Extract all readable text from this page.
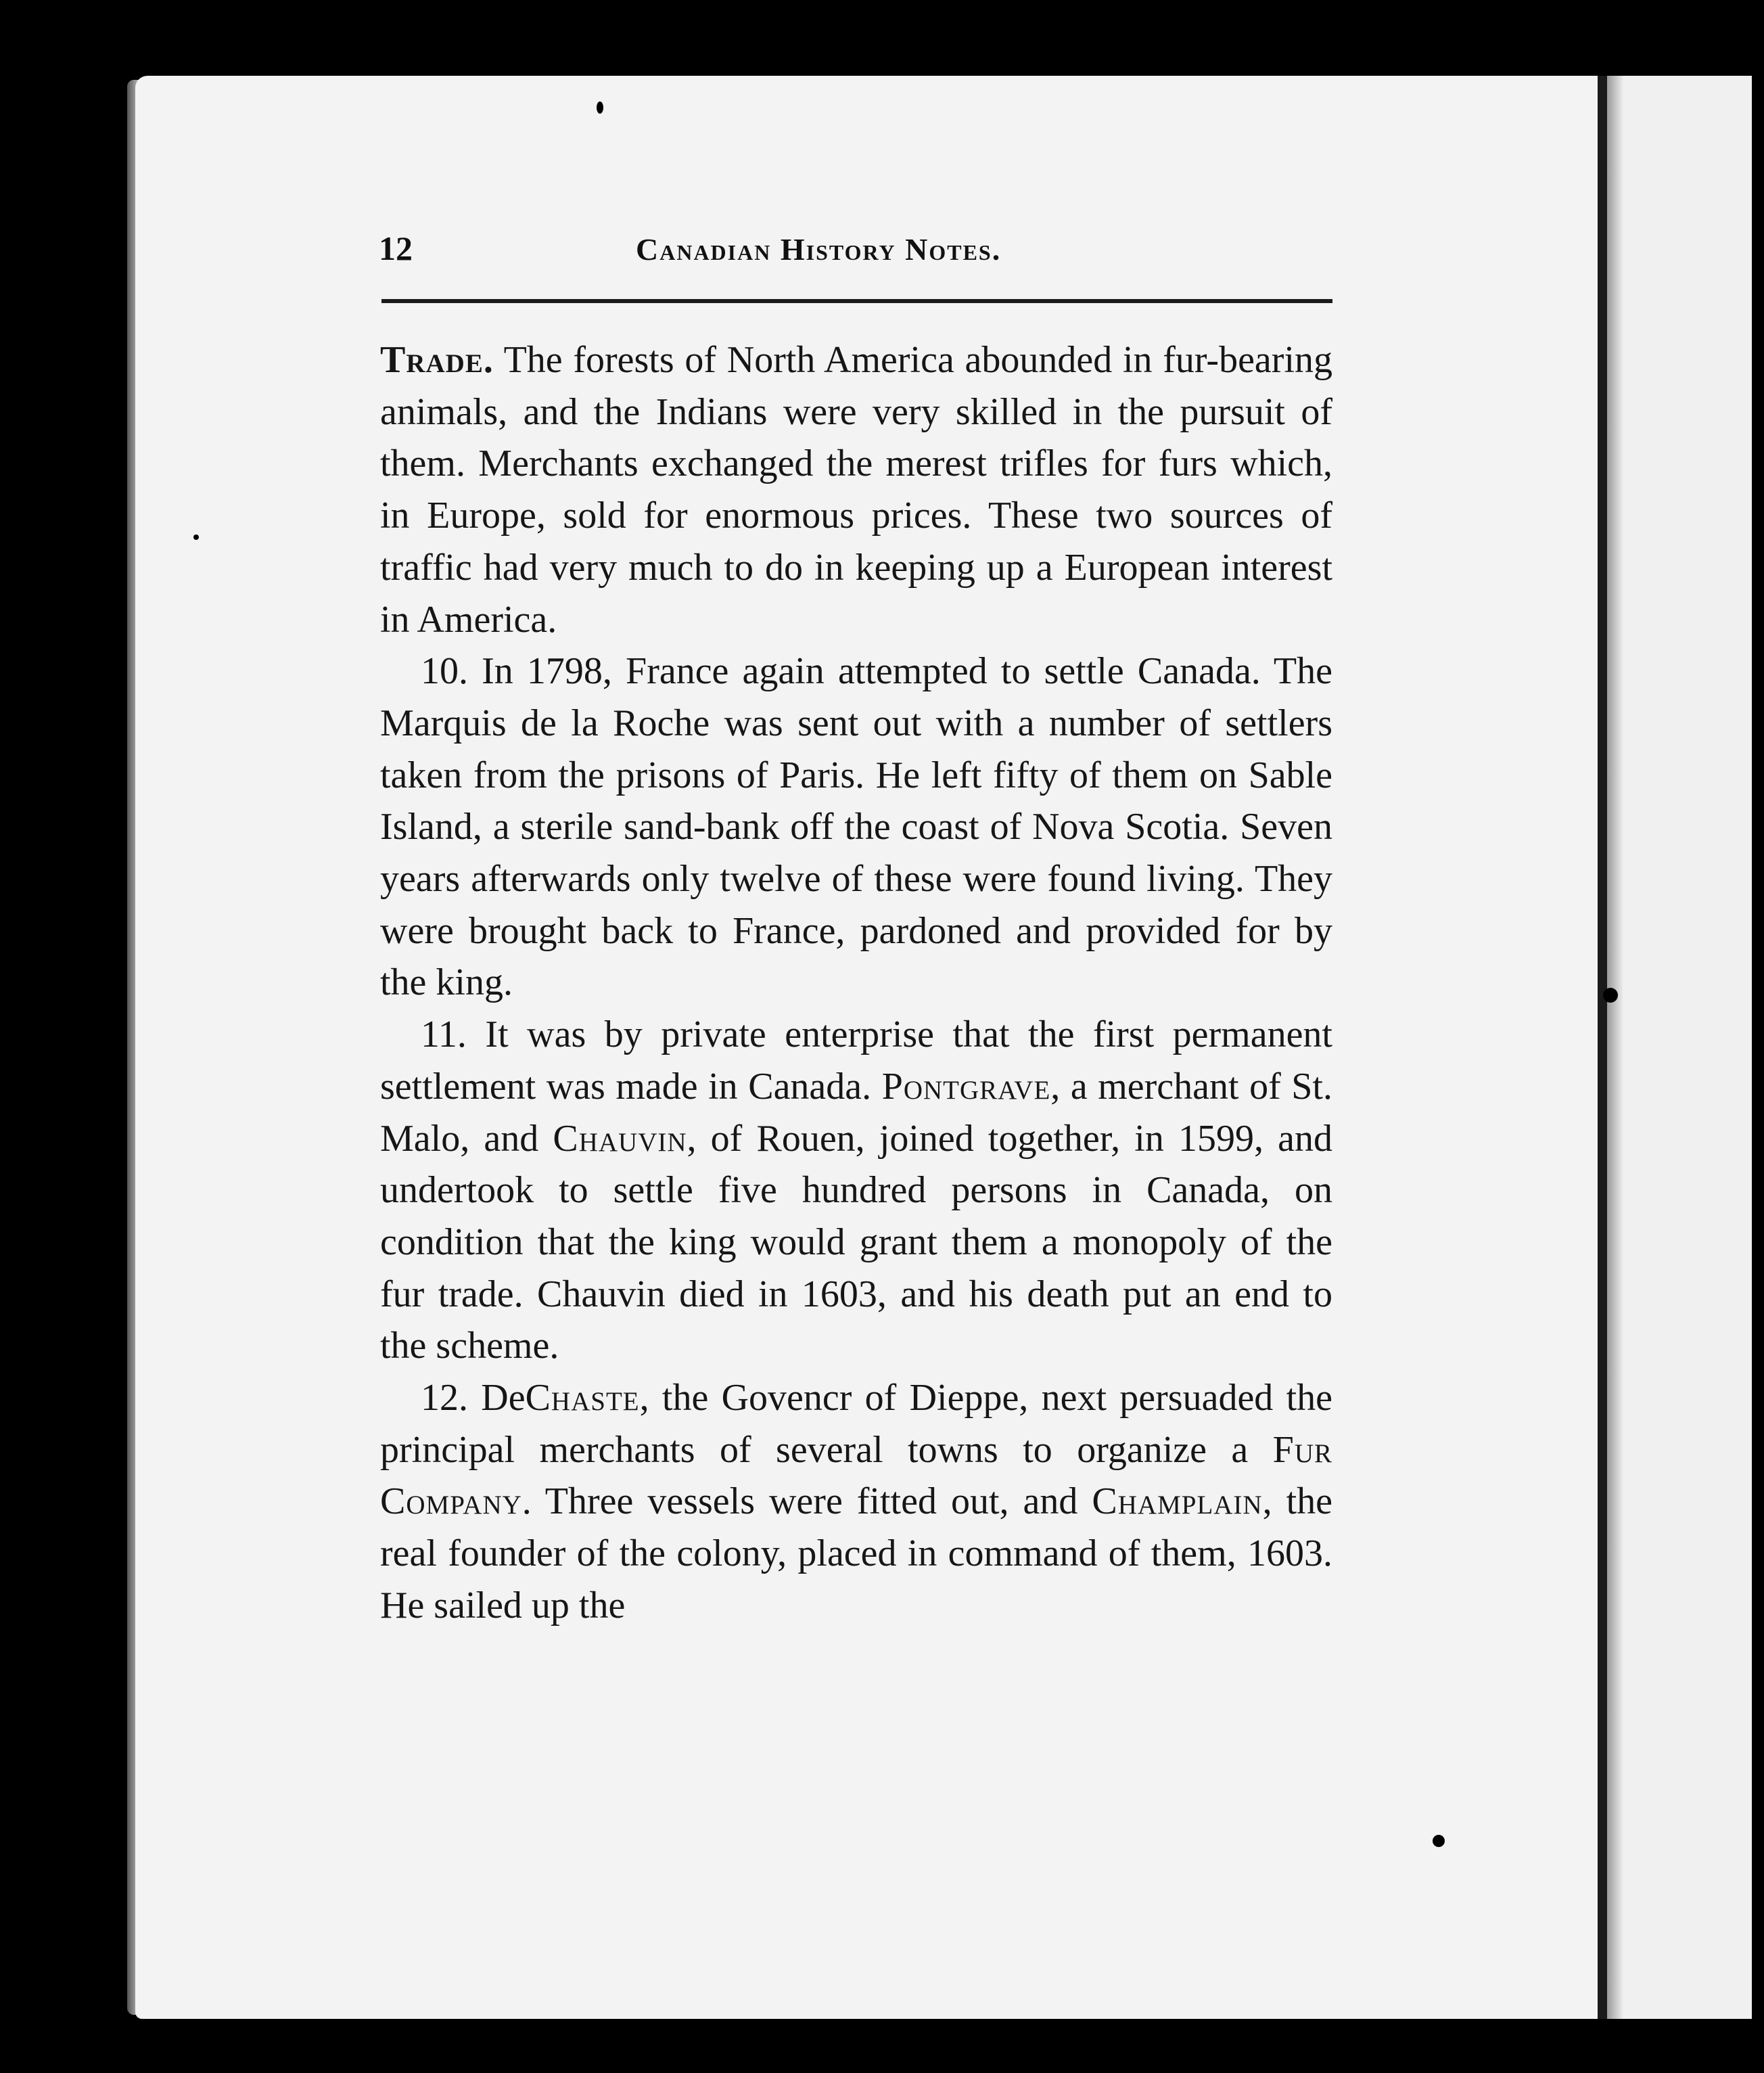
12	Canadian History Notes.

Trade. The forests of North America abounded in fur-bearing animals, and the Indians were very skilled in the pursuit of them. Merchants exchanged the merest trifles for furs which, in Europe, sold for enormous prices. These two sources of traffic had very much to do in keeping up a European interest in America.

10. In 1798, France again attempted to settle Canada. The Marquis de la Roche was sent out with a number of settlers taken from the prisons of Paris. He left fifty of them on Sable Island, a sterile sand-bank off the coast of Nova Scotia. Seven years afterwards only twelve of these were found living. They were brought back to France, pardoned and provided for by the king.

11. It was by private enterprise that the first permanent settlement was made in Canada. Pontgrave, a merchant of St. Malo, and Chauvin, of Rouen, joined together, in 1599, and undertook to settle five hundred persons in Canada, on condition that the king would grant them a monopoly of the fur trade. Chauvin died in 1603, and his death put an end to the scheme.

12. DeChaste, the Govencr of Dieppe, next persuaded the principal merchants of several towns to organize a Fur Company. Three vessels were fitted out, and Champlain, the real founder of the colony, placed in command of them, 1603. He sailed up the
